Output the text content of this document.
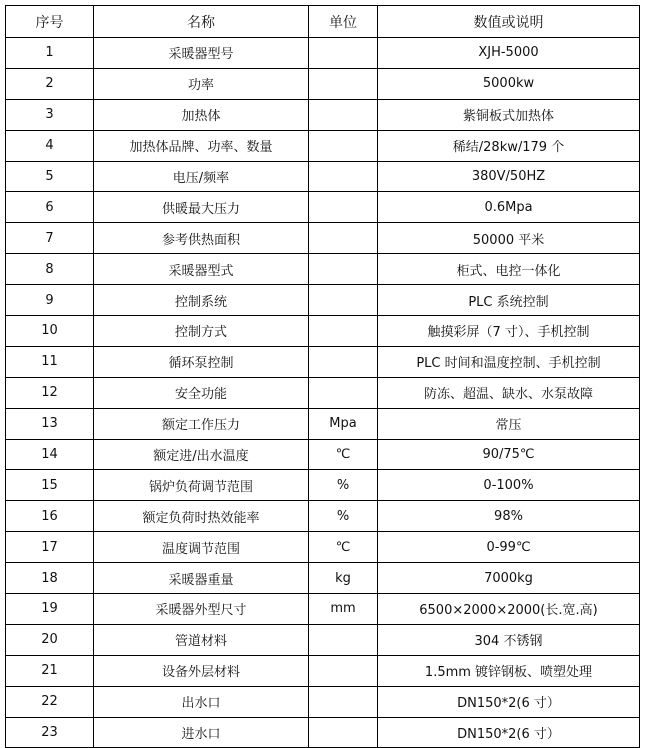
序号	名称	单位	数值或说明
1	采暖器型号		XJH-5000
2	功率		5000kw
3	加热体		紫铜板式加热体
4	加热体品牌、功率、数量		稀结/28kw/179 个
5	电压/频率		380V/50HZ
6	供暖最大压力		0.6Mpa
7	参考供热面积		50000 平米
8	采暖器型式		柜式、电控一体化
9	控制系统		PLC 系统控制
10	控制方式		触摸彩屏（7 寸）、手机控制
11	循环泵控制		PLC 时间和温度控制、手机控制
12	安全功能		防冻、超温、缺水、水泵故障
13	额定工作压力	Mpa	常压
14	额定进/出水温度	℃	90/75℃
15	锅炉负荷调节范围	%	0-100%
16	额定负荷时热效能率	%	98%
17	温度调节范围	℃	0-99℃
18	采暖器重量	kg	7000kg
19	采暖器外型尺寸	mm	6500×2000×2000(长.宽.高)
20	管道材料		304 不锈钢
21	设备外层材料		1.5mm 镀锌钢板、喷塑处理
22	出水口		DN150*2(6 寸）
23	进水口		DN150*2(6 寸）
